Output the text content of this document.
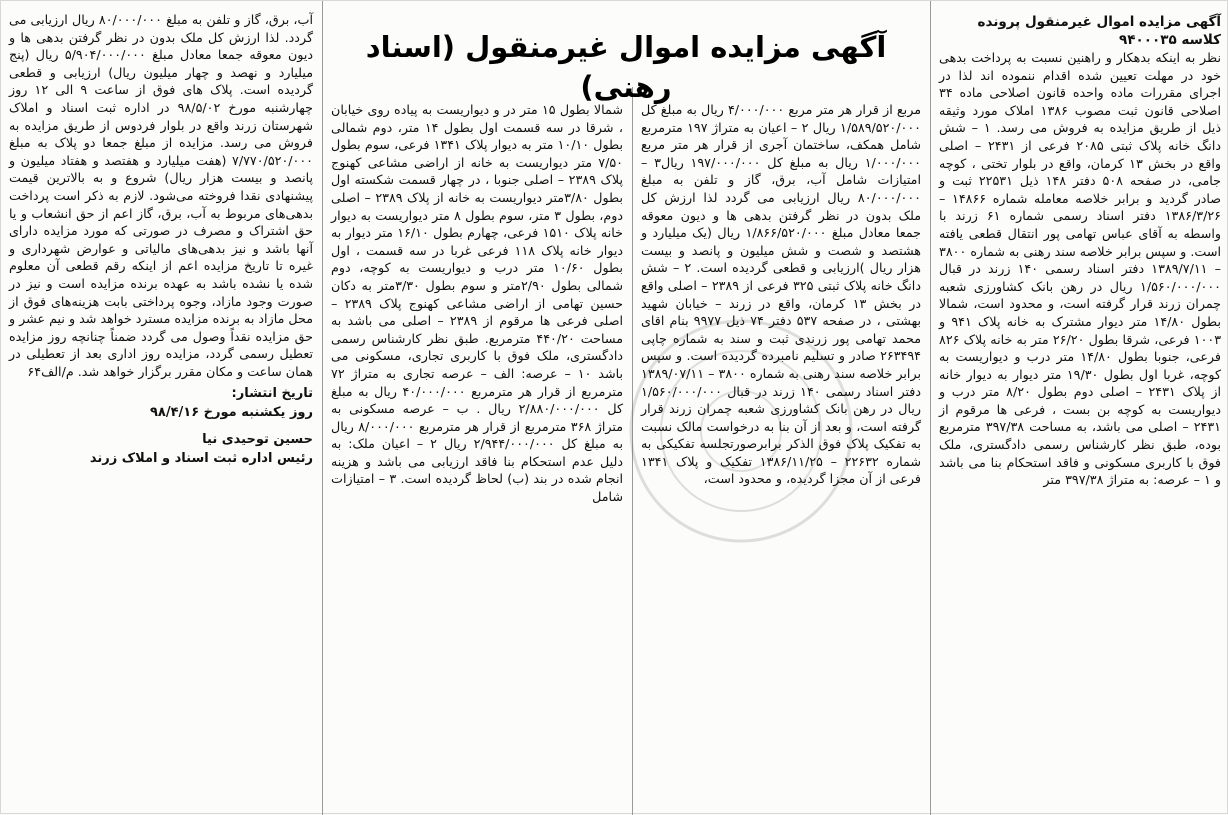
آگهی مزایده اموال غیرمنقول (اسناد رهنی)

آگهی مزایده اموال غیرمنقول پرونده

کلاسه ۹۴۰۰۰۳۵

نظر به اینکه بدهکار و راهنین نسبت به پرداخت بدهی خود در مهلت تعیین شده اقدام ننموده اند لذا در اجرای مقررات ماده واحده قانون اصلاحی ماده ۳۴ اصلاحی قانون ثبت مصوب ۱۳۸۶ املاک مورد وثیقه ذیل از طریق مزایده به فروش می رسد. ۱ – شش دانگ خانه پلاک ثبتی ۲۰۸۵ فرعی از ۲۴۳۱ – اصلی واقع در بخش ۱۳ کرمان، واقع در بلوار تختی ، کوچه جامی، در صفحه ۵۰۸ دفتر ۱۴۸ ذیل ۲۲۵۳۱ ثبت و صادر گردید و برابر خلاصه معامله شماره ۱۴۸۶۶ – ۱۳۸۶/۳/۲۶ دفتر اسناد رسمی شماره ۶۱ زرند با واسطه به آقای عباس تهامی پور انتقال قطعی یافته است. و سپس برابر خلاصه سند رهنی به شماره ۳۸۰۰ – ۱۳۸۹/۷/۱۱ دفتر اسناد رسمی ۱۴۰ زرند در قبال ۱/۵۶۰/۰۰۰/۰۰۰ ریال در رهن بانک کشاورزی شعبه چمران زرند قرار گرفته است، و محدود است، شمالا بطول ۱۴/۸۰ متر دیوار مشترک به خانه پلاک ۹۴۱ و ۱۰۰۳ فرعی، شرقا بطول ۲۶/۲۰ متر به خانه پلاک ۸۲۶ فرعی، جنوبا بطول ۱۴/۸۰ متر درب و دیواریست به کوچه، غربا اول بطول ۱۹/۳۰ متر دیوار به دیوار خانه از پلاک ۲۴۳۱ – اصلی دوم بطول ۸/۲۰ متر درب و دیواریست به کوچه بن بست ، فرعی ها مرقوم از ۲۴۳۱ – اصلی می باشد، به مساحت ۳۹۷/۳۸ مترمربع بوده، طبق نظر کارشناس رسمی دادگستری، ملک فوق با کاربری مسکونی و فاقد استحکام بنا می باشد و ۱ – عرصه: به متراژ ۳۹۷/۳۸ متر

مربع از قرار هر متر مربع ۴/۰۰۰/۰۰۰ ریال به مبلغ کل ۱/۵۸۹/۵۲۰/۰۰۰ ریال ۲ – اعیان به متراژ ۱۹۷ مترمربع شامل همکف، ساختمان آجری از قرار هر متر مربع ۱/۰۰۰/۰۰۰ ریال به مبلغ کل ۱۹۷/۰۰۰/۰۰۰ ریال۳ – امتیازات شامل آب، برق، گاز و تلفن به مبلغ ۸۰/۰۰۰/۰۰۰ ریال ارزیابی می گردد لذا ارزش کل ملک بدون در نظر گرفتن بدهی ها و دیون معوقه جمعا معادل مبلغ ۱/۸۶۶/۵۲۰/۰۰۰ ریال (یک میلیارد و هشتصد و شصت و شش میلیون و پانصد و بیست هزار ریال )ارزیابی و قطعی گردیده است. ۲ – شش دانگ خانه پلاک ثبتی ۳۲۵ فرعی از ۲۳۸۹ – اصلی واقع در بخش ۱۳ کرمان، واقع در زرند – خیابان شهید بهشتی ، در صفحه ۵۳۷ دفتر ۷۴ ذیل ۹۹۷۷ بنام اقای محمد تهامی پور زرندی ثبت و سند به شماره چاپی ۲۶۳۴۹۴ صادر و تسلیم نامبرده گردیده است. و سپس برابر خلاصه سند رهنی به شماره ۳۸۰۰ – ۱۳۸۹/۰۷/۱۱ دفتر اسناد رسمی ۱۴۰ زرند در قبال ۱/۵۶۰/۰۰۰/۰۰۰ ریال در رهن بانک کشاورزی شعبه چمران زرند قرار گرفته است، و بعد از آن بنا به درخواست مالک نسبت به تفکیک پلاک فوق الذکر برابرصورتجلسه تفکیکی به شماره ۲۲۶۳۲ – ۱۳۸۶/۱۱/۲۵ تفکیک و پلاک ۱۳۴۱ فرعی از آن مجزا گردیده، و محدود است،

شمالا بطول ۱۵ متر در و دیواریست به پیاده روی خیابان ، شرقا در سه قسمت اول بطول ۱۴ متر، دوم شمالی بطول ۱۰/۱۰ متر به دیوار پلاک ۱۳۴۱ فرعی، سوم بطول ۷/۵۰ متر دیواریست به خانه از اراضی مشاعی کهنوج پلاک ۲۳۸۹ – اصلی جنوبا ، در چهار قسمت شکسته اول بطول ۳/۸۰متر دیواریست به خانه از پلاک ۲۳۸۹ – اصلی دوم، بطول ۳ متر، سوم بطول ۸ متر دیواریست به دیوار خانه پلاک ۱۵۱۰ فرعی، چهارم بطول ۱۶/۱۰ متر دیوار به دیوار خانه پلاک ۱۱۸ فرعی غربا در سه قسمت ، اول بطول ۱۰/۶۰ متر درب و دیواریست به کوچه، دوم شمالی بطول ۲/۹۰متر و سوم بطول ۳/۳۰متر به دکان حسین تهامی از اراضی مشاعی کهنوج پلاک ۲۳۸۹ – اصلی فرعی ها مرقوم از ۲۳۸۹ – اصلی می باشد به مساحت ۴۴۰/۲۰ مترمربع. طبق نظر کارشناس رسمی دادگستری، ملک فوق با کاربری تجاری، مسکونی می باشد ۱۰ – عرصه: الف – عرصه تجاری به متراژ ۷۲ مترمربع از قرار هر مترمربع ۴۰/۰۰۰/۰۰۰ ریال به مبلغ کل ۲/۸۸۰/۰۰۰/۰۰۰ ریال . ب – عرصه مسکونی به متراژ ۳۶۸ مترمربع از قرار هر مترمربع ۸/۰۰۰/۰۰۰ ریال به مبلغ کل ۲/۹۴۴/۰۰۰/۰۰۰ ریال ۲ – اعیان ملک: به دلیل عدم استحکام بنا فاقد ارزیابی می باشد و هزینه انجام شده در بند (ب) لحاظ گردیده است. ۳ – امتیازات شامل

آب، برق، گاز و تلفن به مبلغ ۸۰/۰۰۰/۰۰۰ ریال ارزیابی می گردد. لذا ارزش کل ملک بدون در نظر گرفتن بدهی ها و دیون معوقه جمعا معادل مبلغ ۵/۹۰۴/۰۰۰/۰۰۰ ریال (پنج میلیارد و نهصد و چهار میلیون ریال) ارزیابی و قطعی گردیده است. پلاک های فوق از ساعت ۹ الی ۱۲ روز چهارشنبه مورخ ۹۸/۵/۰۲ در اداره ثبت اسناد و املاک شهرستان زرند واقع در بلوار فردوس از طریق مزایده به فروش می رسد. مزایده از مبلغ جمعا دو پلاک به مبلغ ۷/۷۷۰/۵۲۰/۰۰۰ (هفت میلیارد و هفتصد و هفتاد میلیون و پانصد و بیست هزار ریال) شروع و به بالاترین قیمت پیشنهادی نقدا فروخته می‌شود. لازم به ذکر است پرداخت بدهی‌های مربوط به آب، برق، گاز اعم از حق انشعاب و یا حق اشتراک و مصرف در صورتی که مورد مزایده دارای آنها باشد و نیز بدهی‌های مالیاتی و عوارض شهرداری و غیره تا تاریخ مزایده اعم از اینکه رقم قطعی آن معلوم شده یا نشده باشد به عهده برنده مزایده است و نیز در صورت وجود مازاد، وجوه پرداختی بابت هزینه‌های فوق از محل مازاد به برنده مزایده مسترد خواهد شد و نیم عشر و حق مزایده نقداً وصول می گردد ضمناً چنانچه روز مزایده تعطیل رسمی گردد، مزایده روز اداری بعد از تعطیلی در همان ساعت و مکان مقرر برگزار خواهد شد. م/الف۶۴

تاریخ انتشار:

روز یکشنبه مورخ ۹۸/۴/۱۶

حسین توحیدی نیا

رئیس اداره ثبت اسناد و املاک زرند
